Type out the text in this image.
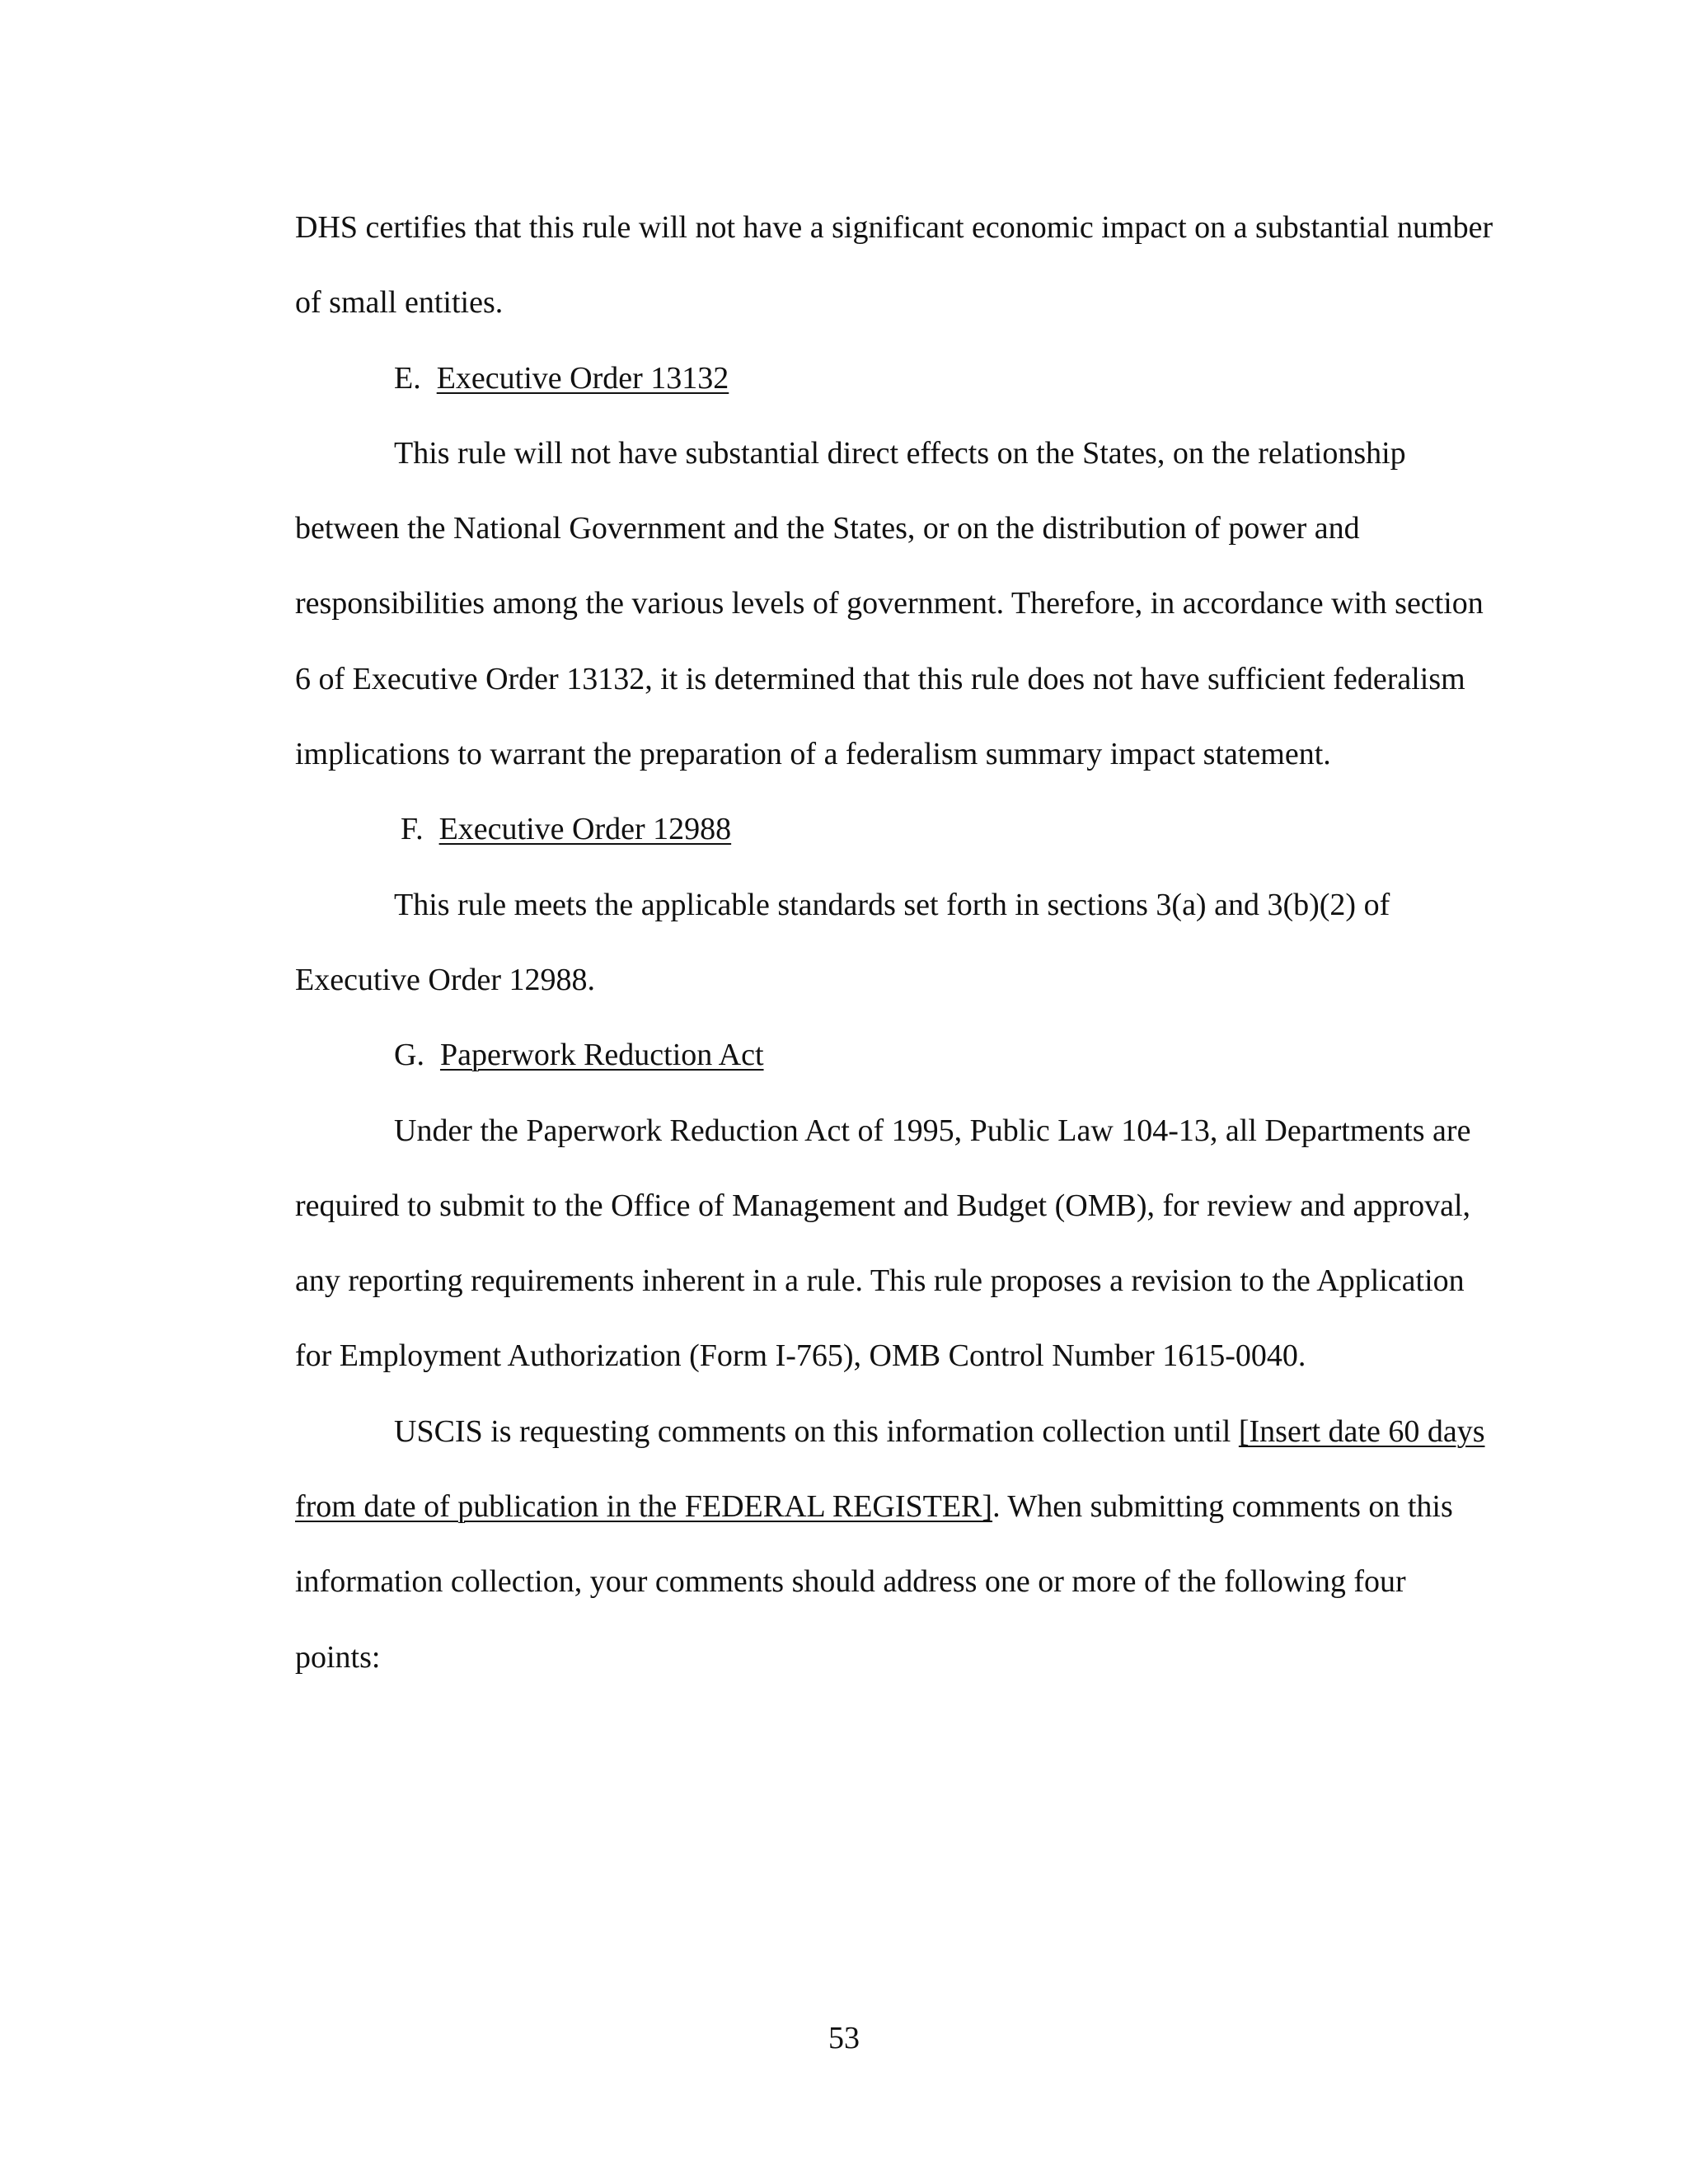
DHS certifies that this rule will not have a significant economic impact on a substantial number of small entities.

E. Executive Order 13132

This rule will not have substantial direct effects on the States, on the relationship between the National Government and the States, or on the distribution of power and responsibilities among the various levels of government. Therefore, in accordance with section 6 of Executive Order 13132, it is determined that this rule does not have sufficient federalism implications to warrant the preparation of a federalism summary impact statement.

F. Executive Order 12988

This rule meets the applicable standards set forth in sections 3(a) and 3(b)(2) of Executive Order 12988.

G. Paperwork Reduction Act

Under the Paperwork Reduction Act of 1995, Public Law 104-13, all Departments are required to submit to the Office of Management and Budget (OMB), for review and approval, any reporting requirements inherent in a rule. This rule proposes a revision to the Application for Employment Authorization (Form I-765), OMB Control Number 1615-0040.

USCIS is requesting comments on this information collection until [Insert date 60 days from date of publication in the FEDERAL REGISTER]. When submitting comments on this information collection, your comments should address one or more of the following four points:

53
